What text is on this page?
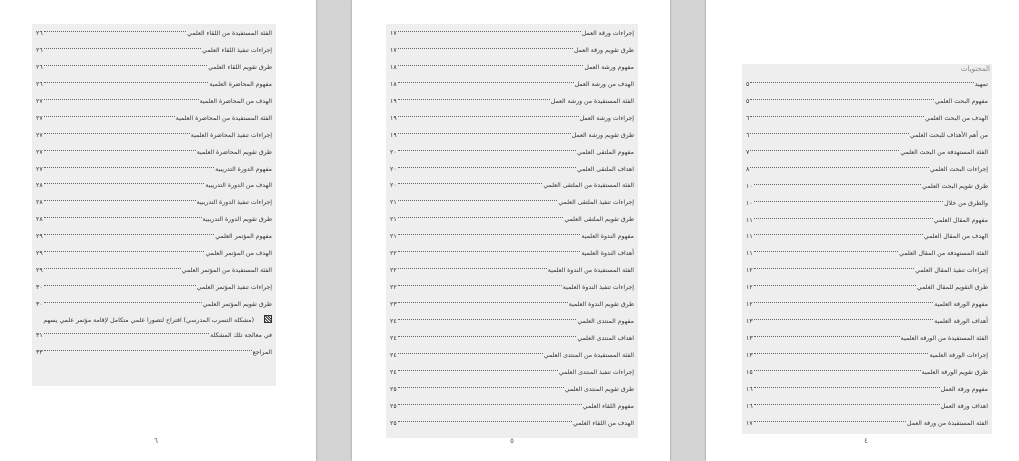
الفئة المستفيدة من اللقاء العلمي
٢٦
إجراءات تنفيذ اللقاء العلمي
٢٦
طرق تقويم اللقاء العلمي
٢٦
مفهوم المحاضرة العلمية
٢٦
الهدف من المحاضرة العلمية
٢٧
الفئة المستفيدة من المحاضرة العلمية
٢٧
إجراءات تنفيذ المحاضرة العلمية
٢٧
طرق تقويم المحاضرة العلمية
٢٧
مفهوم الدورة التدريبية
٢٧
الهدف من الدورة التدريبية
٢٨
إجراءات تنفيذ الدورة التدريبية
٢٨
طرق تقويم الدورة التدريبية
٢٨
مفهوم المؤتمر العلمي
٢٩
الهدف من المؤتمر العلمي
٢٩
الفئة المستفيدة من المؤتمر العلمي
٢٩
إجراءات تنفيذ المؤتمر العلمي
٣٠
طرق تقويم المؤتمر العلمي
٣٠
(مشكلة التسرب المدرسي) اقتراح لتصورا علمي متكامل لإقامة مؤتمر علمي يسهم
في معالجة تلك المشكلة
٣١
المراجع
٣٣
٦
إجراءات ورقة العمل
١٧
طرق تقويم ورقة العمل
١٧
مفهوم ورشة العمل
١٨
الهدف من ورشة العمل
١٨
الفئة المستفيدة من ورشة العمل
١٩
إجراءات ورشة العمل
١٩
طرق تقويم ورشة العمل
١٩
مفهوم الملتقى العلمي
٢٠
اهداف الملتقى العلمي
٢٠
الفئة المستفيدة من الملتقى العلمي
٢٠
إجراءات تنفيذ الملتقى العلمي
٢١
طرق تقويم الملتقى العلمي
٢١
مفهوم الندوة العلمية
٢١
أهداف الندوة العلمية
٢٢
الفئة المستفيدة من الندوة العلمية
٢٢
إجراءات تنفيذ الندوة العلمية
٢٢
طرق تقويم الندوة العلمية
٢٣
مفهوم المنتدى العلمي
٢٤
اهداف المنتدى العلمي
٢٤
الفئة المستفيدة من المنتدى العلمي
٢٤
إجراءات تنفيذ المنتدى العلمي
٢٤
طرق تقويم المنتدى العلمي
٢٥
مفهوم اللقاء العلمي
٢٥
الهدف من اللقاء العلمي
٢٥
٥
المحتويات
تمهيد
٥
مفهوم البحث العلمي
٥
الهدف من البحث العلمي
٦
من أهم الأهداف للبحث العلمي
٦
الفئة المستهدفة من البحث العلمي
٧
إجراءات البحث العلمي
٨
طرق تقويم البحث العلمي
١٠
والطرق من خلال
١٠
مفهوم المقال العلمي
١١
الهدف من المقال العلمي
١١
الفئة المستهدفة من المقال العلمي
١١
إجراءات تنفيذ المقال العلمي
١٢
طرق التقويم للمقال العلمي
١٢
مفهوم الورقة العلمية
١٢
أهداف الورقة العلمية
١٣
الفئة المستفيدة من الورقة العلمية
١٣
إجراءات الورقة العلمية
١٣
طرق تقويم الورقة العلمية
١٥
مفهوم ورقة العمل
١٦
اهداف ورقة العمل
١٦
الفئة المستفيدة من ورقة العمل
١٧
٤
